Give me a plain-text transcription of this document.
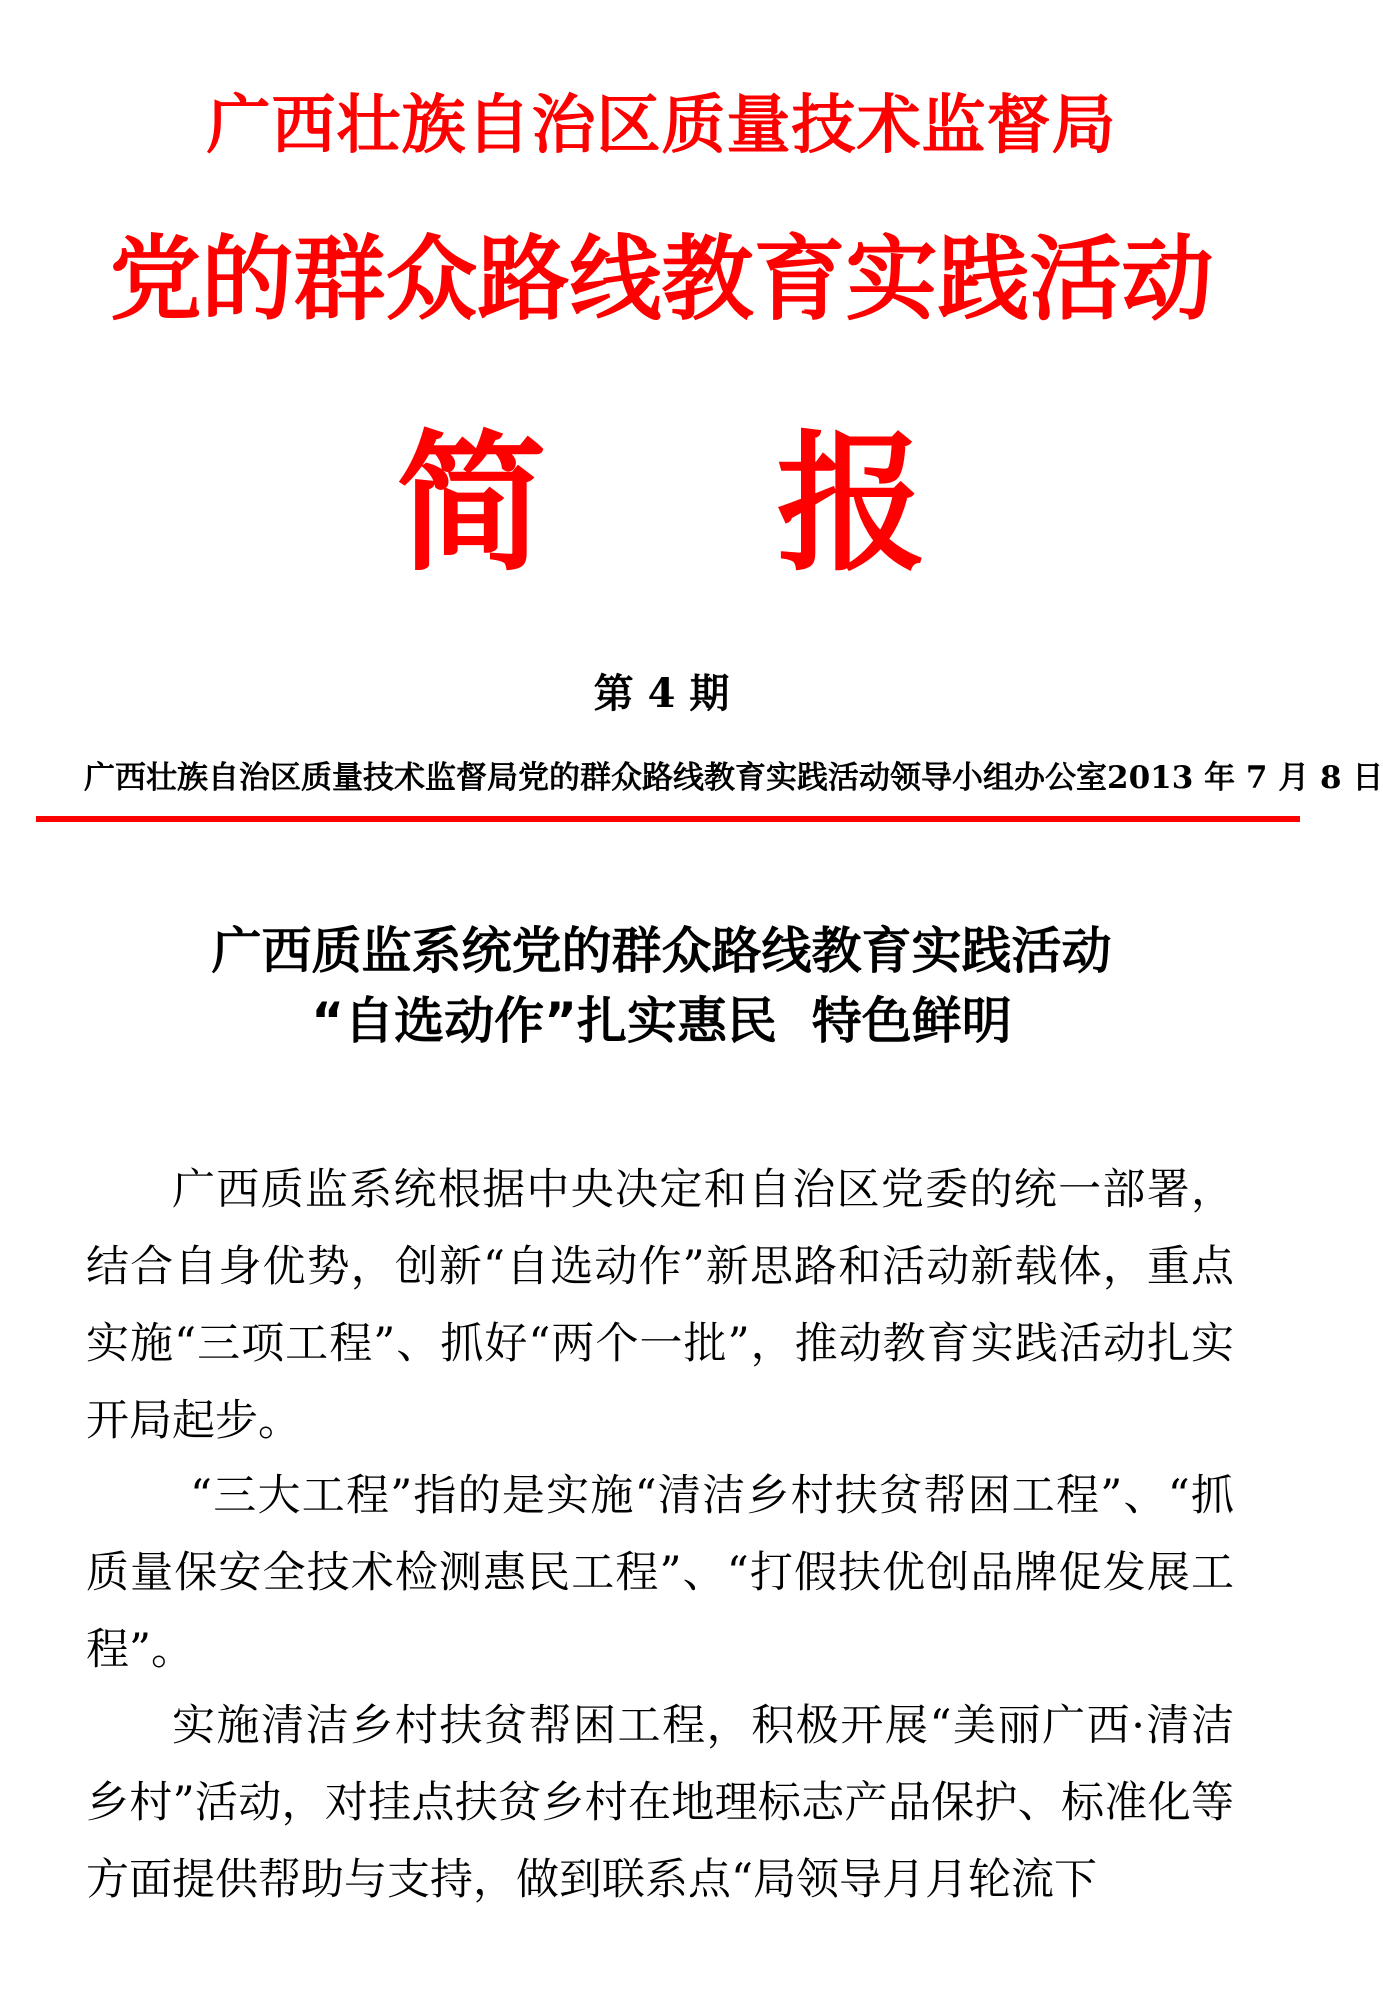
广西壮族自治区质量技术监督局
党的群众路线教育实践活动
简 报
第 4 期
广西壮族自治区质量技术监督局党的群众路线教育实践活动领导小组办公室 2013 年 7 月 8 日
广西质监系统党的群众路线教育实践活动
“自选动作”扎实惠民  特色鲜明
广西质监系统根据中央决定和自治区党委的统一部署，结合自身优势，创新“自选动作”新思路和活动新载体，重点实施“三项工程”、抓好“两个一批”，推动教育实践活动扎实开局起步。
“三大工程”指的是实施“清洁乡村扶贫帮困工程”、“抓质量保安全技术检测惠民工程”、“打假扶优创品牌促发展工程”。
实施清洁乡村扶贫帮困工程，积极开展“美丽广西·清洁乡村”活动，对挂点扶贫乡村在地理标志产品保护、标准化等方面提供帮助与支持，做到联系点“局领导月月轮流下
